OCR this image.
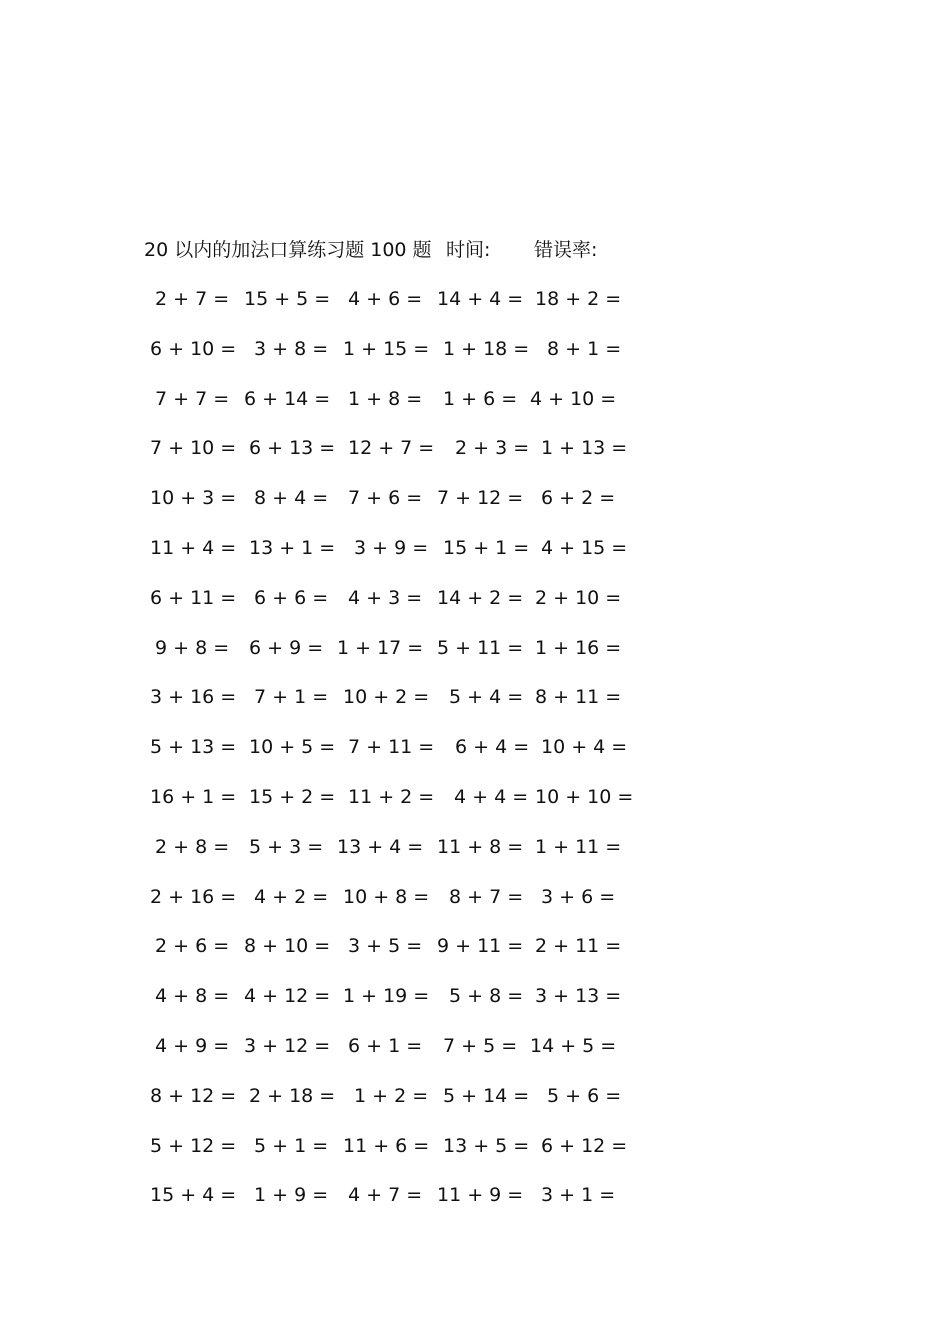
20 以内的加法口算练习题 100 题 时间: 错误率:
2 + 7 = 15 + 5 = 4 + 6 = 14 + 4 = 18 + 2 =
6 + 10 = 3 + 8 = 1 + 15 = 1 + 18 = 8 + 1 =
7 + 7 = 6 + 14 = 1 + 8 = 1 + 6 = 4 + 10 =
7 + 10 = 6 + 13 = 12 + 7 = 2 + 3 = 1 + 13 =
10 + 3 = 8 + 4 = 7 + 6 = 7 + 12 = 6 + 2 =
11 + 4 = 13 + 1 = 3 + 9 = 15 + 1 = 4 + 15 =
6 + 11 = 6 + 6 = 4 + 3 = 14 + 2 = 2 + 10 =
9 + 8 = 6 + 9 = 1 + 17 = 5 + 11 = 1 + 16 =
3 + 16 = 7 + 1 = 10 + 2 = 5 + 4 = 8 + 11 =
5 + 13 = 10 + 5 = 7 + 11 = 6 + 4 = 10 + 4 =
16 + 1 = 15 + 2 = 11 + 2 = 4 + 4 = 10 + 10 =
2 + 8 = 5 + 3 = 13 + 4 = 11 + 8 = 1 + 11 =
2 + 16 = 4 + 2 = 10 + 8 = 8 + 7 = 3 + 6 =
2 + 6 = 8 + 10 = 3 + 5 = 9 + 11 = 2 + 11 =
4 + 8 = 4 + 12 = 1 + 19 = 5 + 8 = 3 + 13 =
4 + 9 = 3 + 12 = 6 + 1 = 7 + 5 = 14 + 5 =
8 + 12 = 2 + 18 = 1 + 2 = 5 + 14 = 5 + 6 =
5 + 12 = 5 + 1 = 11 + 6 = 13 + 5 = 6 + 12 =
15 + 4 = 1 + 9 = 4 + 7 = 11 + 9 = 3 + 1 =
